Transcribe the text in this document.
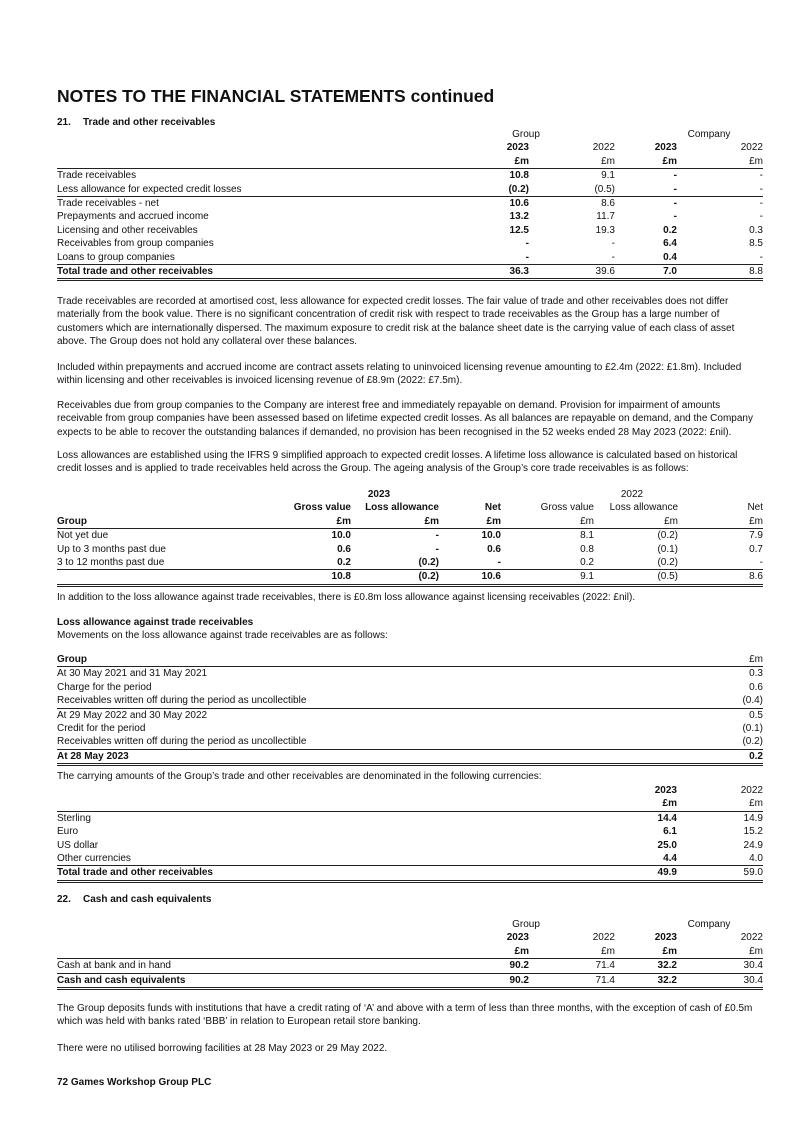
NOTES TO THE FINANCIAL STATEMENTS continued
21. Trade and other receivables
	Group		Company	
	2023	2022	2023	2022
	£m	£m	£m	£m
Trade receivables	10.8	9.1	-	-
Less allowance for expected credit losses	(0.2)	(0.5)	-	-
Trade receivables - net	10.6	8.6	-	-
Prepayments and accrued income	13.2	11.7	-	-
Licensing and other receivables	12.5	19.3	0.2	0.3
Receivables from group companies	-	-	6.4	8.5
Loans to group companies	-	-	0.4	-
Total trade and other receivables	36.3	39.6	7.0	8.8

Trade receivables are recorded at amortised cost, less allowance for expected credit losses. The fair value of trade and other receivables does not differ materially from the book value. There is no significant concentration of credit risk with respect to trade receivables as the Group has a large number of customers which are internationally dispersed. The maximum exposure to credit risk at the balance sheet date is the carrying value of each class of asset above. The Group does not hold any collateral over these balances.

Included within prepayments and accrued income are contract assets relating to uninvoiced licensing revenue amounting to £2.4m (2022: £1.8m). Included within licensing and other receivables is invoiced licensing revenue of £8.9m (2022: £7.5m).

Receivables due from group companies to the Company are interest free and immediately repayable on demand. Provision for impairment of amounts receivable from group companies have been assessed based on lifetime expected credit losses. As all balances are repayable on demand, and the Company expects to be able to recover the outstanding balances if demanded, no provision has been recognised in the 52 weeks ended 28 May 2023 (2022: £nil).

Loss allowances are established using the IFRS 9 simplified approach to expected credit losses. A lifetime loss allowance is calculated based on historical credit losses and is applied to trade receivables held across the Group. The ageing analysis of the Group’s core trade receivables is as follows:

	2023			2022		
	Gross value	Loss allowance	Net	Gross value	Loss allowance	Net
Group	£m	£m	£m	£m	£m	£m
Not yet due	10.0	-	10.0	8.1	(0.2)	7.9
Up to 3 months past due	0.6	-	0.6	0.8	(0.1)	0.7
3 to 12 months past due	0.2	(0.2)	-	0.2	(0.2)	-
	10.8	(0.2)	10.6	9.1	(0.5)	8.6

In addition to the loss allowance against trade receivables, there is £0.8m loss allowance against licensing receivables (2022: £nil).

Loss allowance against trade receivables

Movements on the loss allowance against trade receivables are as follows:

Group	£m
At 30 May 2021 and 31 May 2021	0.3
Charge for the period	0.6
Receivables written off during the period as uncollectible	(0.4)
At 29 May 2022 and 30 May 2022	0.5
Credit for the period	(0.1)
Receivables written off during the period as uncollectible	(0.2)
At 28 May 2023	0.2

The carrying amounts of the Group’s trade and other receivables are denominated in the following currencies:

	2023	2022
	£m	£m
Sterling	14.4	14.9
Euro	6.1	15.2
US dollar	25.0	24.9
Other currencies	4.4	4.0
Total trade and other receivables	49.9	59.0
22. Cash and cash equivalents
	Group		Company	
	2023	2022	2023	2022
	£m	£m	£m	£m
Cash at bank and in hand	90.2	71.4	32.2	30.4
Cash and cash equivalents	90.2	71.4	32.2	30.4

The Group deposits funds with institutions that have a credit rating of ‘A’ and above with a term of less than three months, with the exception of cash of £0.5m which was held with banks rated ‘BBB’ in relation to European retail store banking.

There were no utilised borrowing facilities at 28 May 2023 or 29 May 2022.

72 Games Workshop Group PLC
